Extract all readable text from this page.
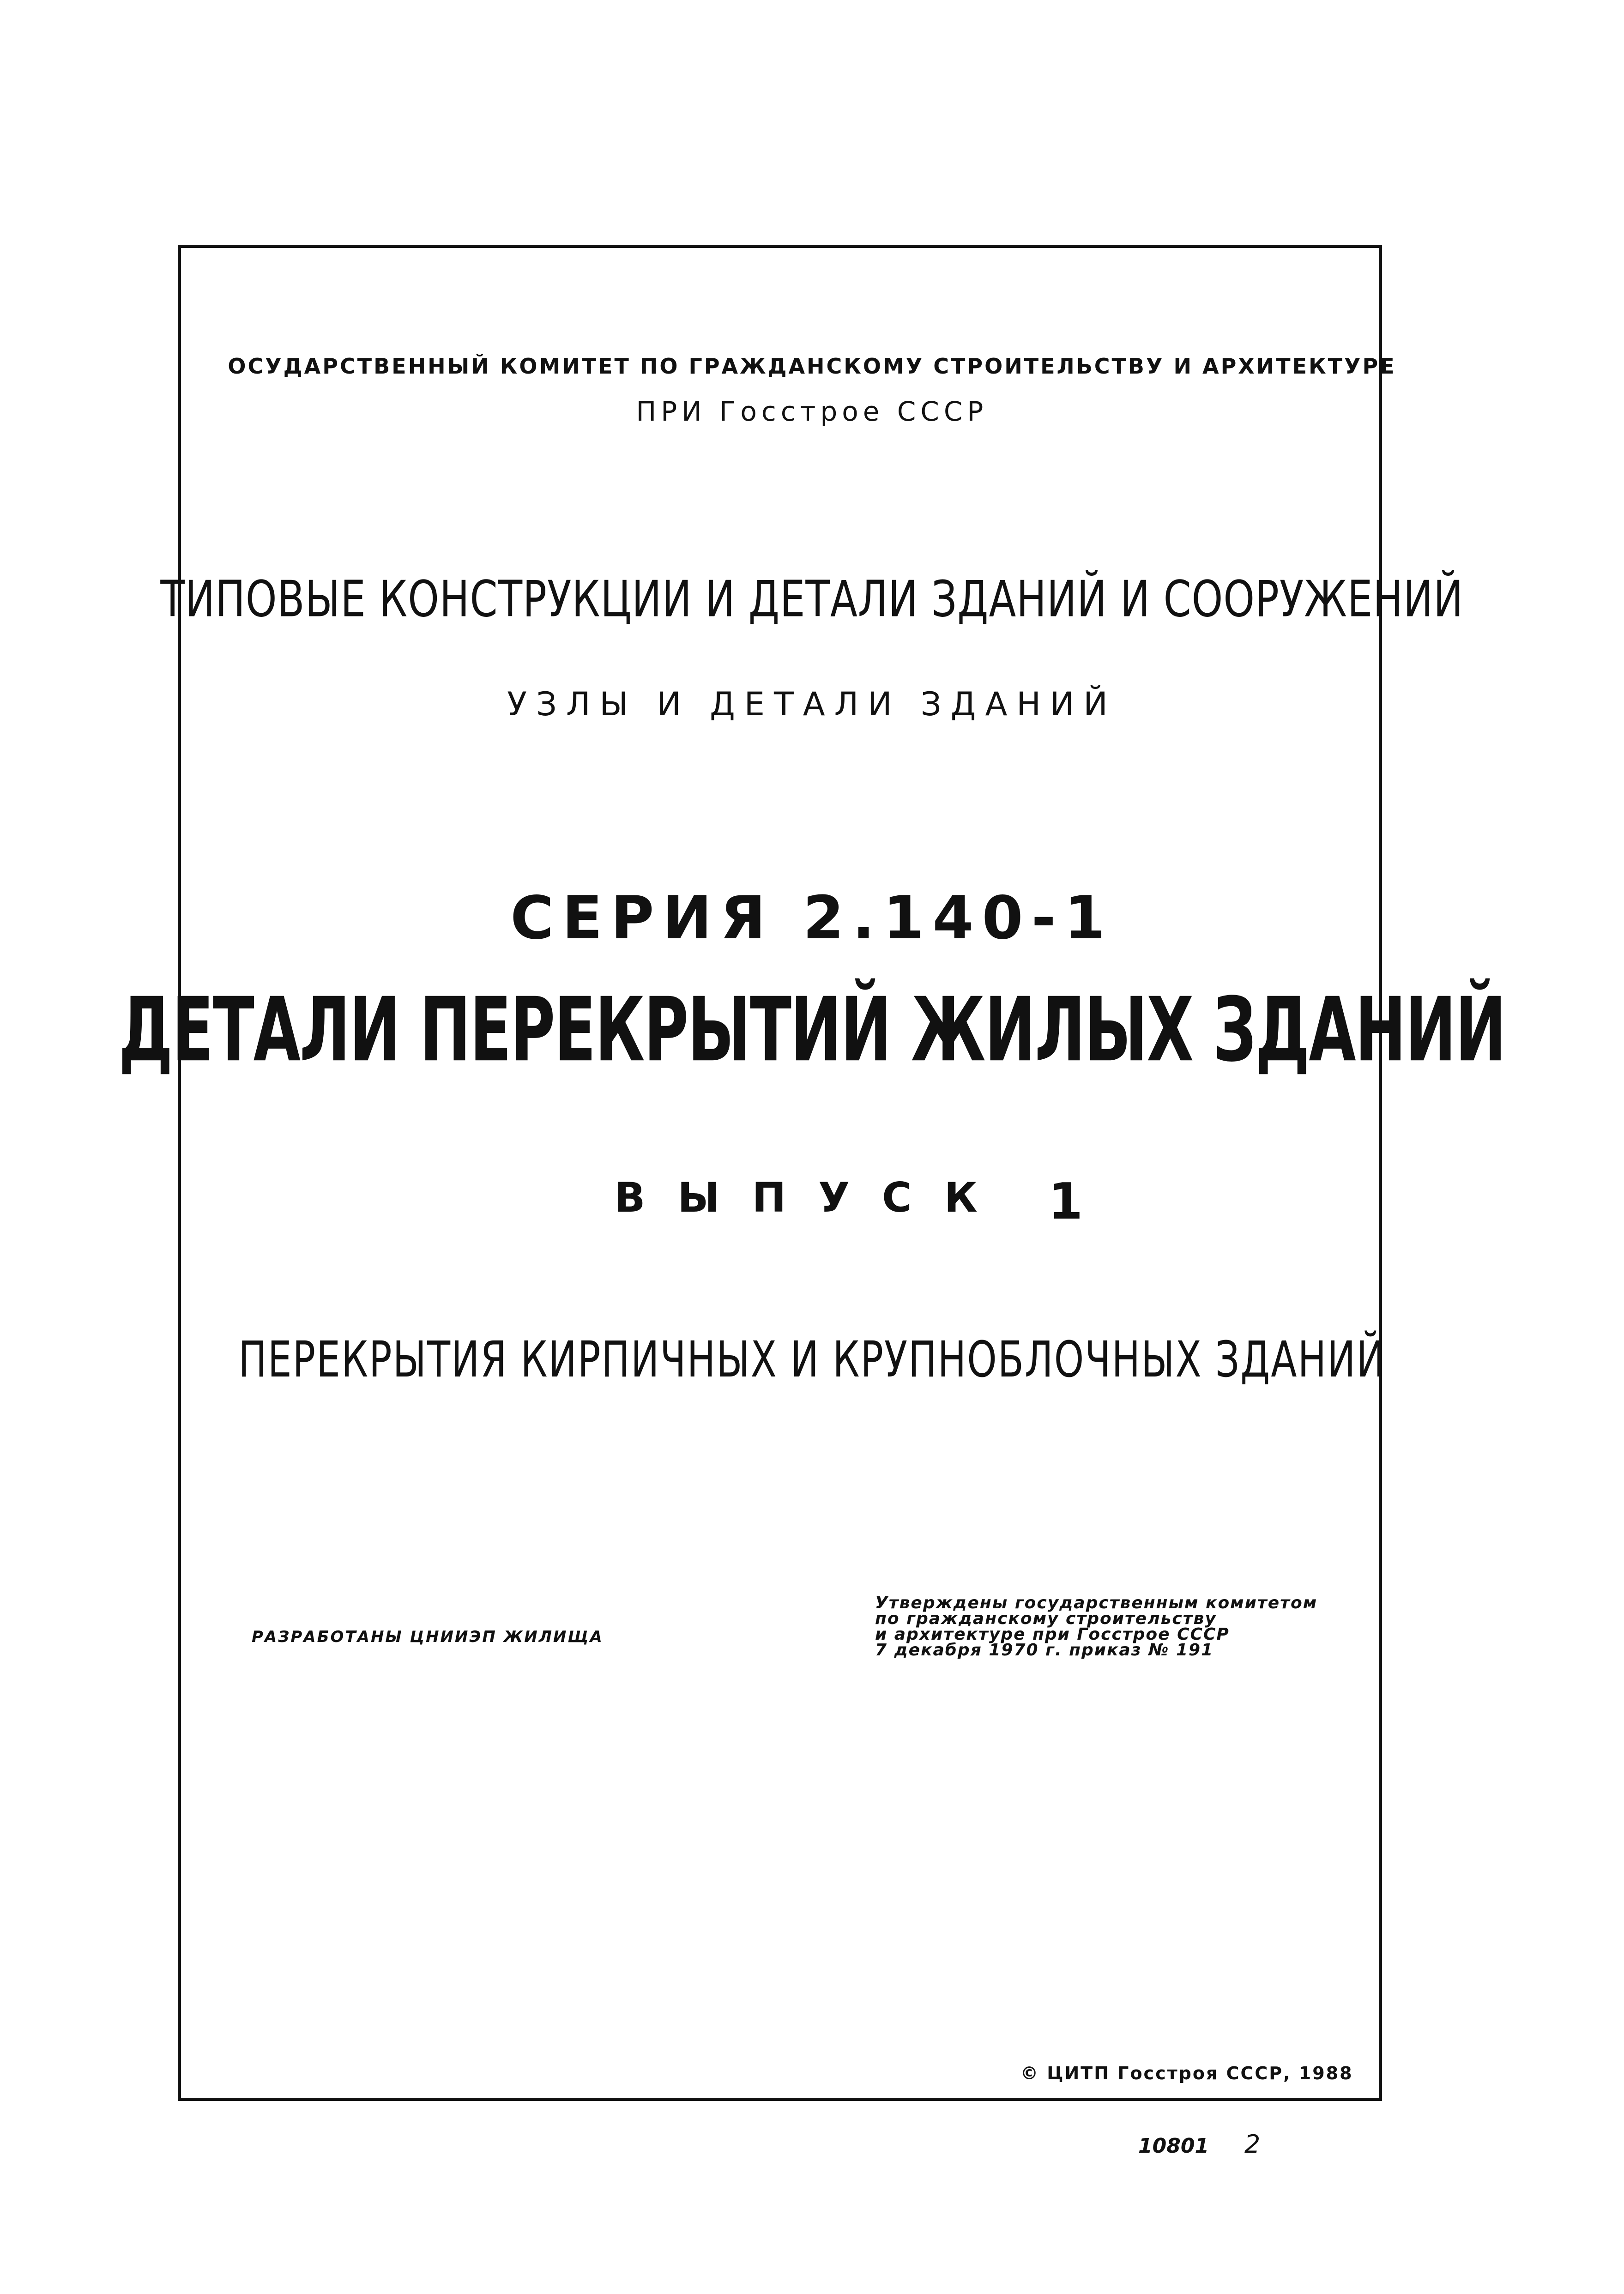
ОСУДАРСТВЕННЫЙ КОМИТЕТ ПО ГРАЖДАНСКОМУ СТРОИТЕЛЬСТВУ И АРХИТЕКТУРЕ
ПРИ Госстрое СССР
ТИПОВЫЕ КОНСТРУКЦИИ И ДЕТАЛИ ЗДАНИЙ И СООРУЖЕНИЙ
УЗЛЫ И ДЕТАЛИ ЗДАНИЙ
СЕРИЯ 2.140-1
ДЕТАЛИ ПЕРЕКРЫТИЙ ЖИЛЫХ ЗДАНИЙ
ВЫПУСК 1
ПЕРЕКРЫТИЯ КИРПИЧНЫХ И КРУПНОБЛОЧНЫХ ЗДАНИЙ
РАЗРАБОТАНЫ ЦНИИЭП ЖИЛИЩА
Утверждены государственным комитетом
по гражданскому строительству
и архитектуре при Госстрое СССР
7 декабря 1970 г. приказ № 191
© ЦИТП Госстроя СССР, 1988
10801 2
